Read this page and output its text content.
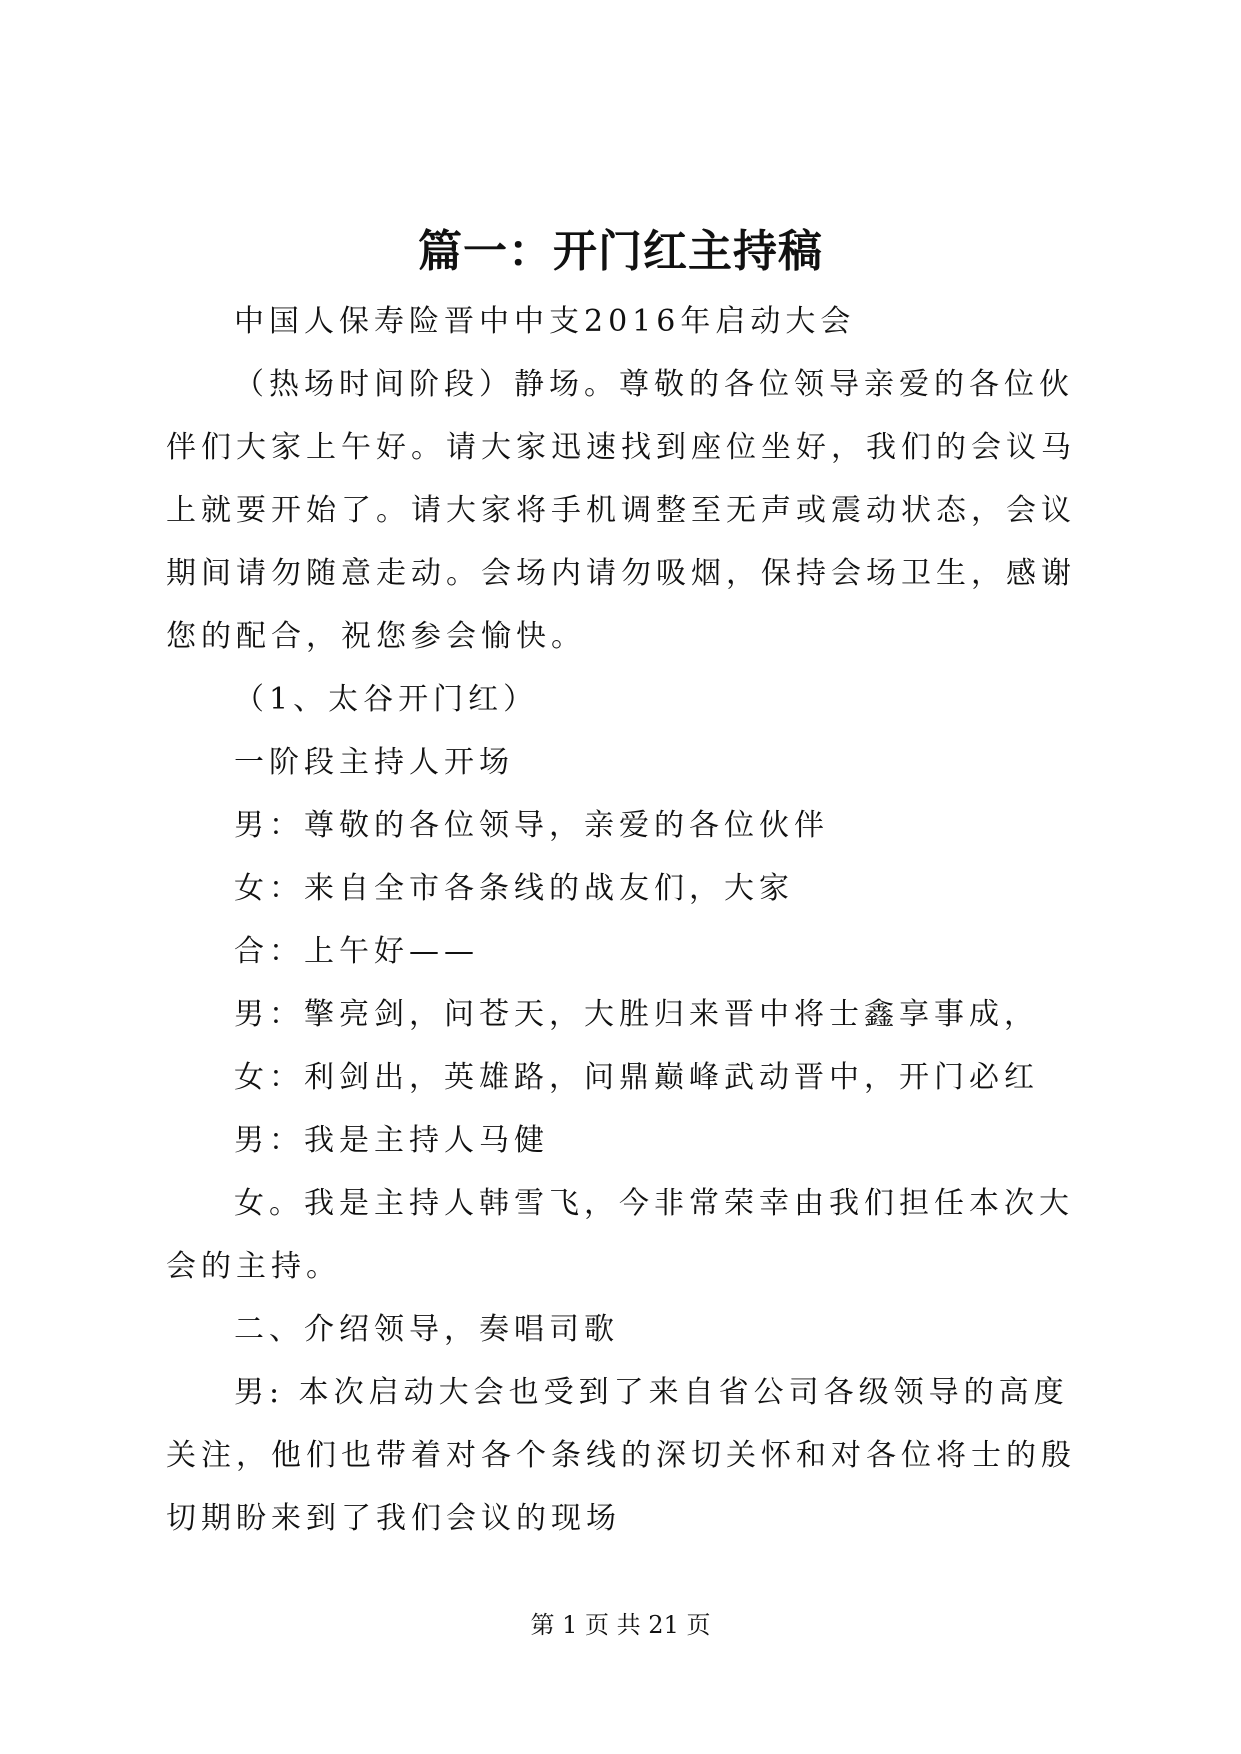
篇一：开门红主持稿

中国人保寿险晋中中支2016年启动大会

（热场时间阶段）静场。尊敬的各位领导亲爱的各位伙伴们大家上午好。请大家迅速找到座位坐好，我们的会议马上就要开始了。请大家将手机调整至无声或震动状态，会议期间请勿随意走动。会场内请勿吸烟，保持会场卫生，感谢您的配合，祝您参会愉快。

（1、太谷开门红）

一阶段主持人开场

男：尊敬的各位领导，亲爱的各位伙伴

女：来自全市各条线的战友们，大家

合：上午好——

男：擎亮剑，问苍天，大胜归来晋中将士鑫享事成，

女：利剑出，英雄路，问鼎巅峰武动晋中，开门必红

男：我是主持人马健

女。我是主持人韩雪飞，今非常荣幸由我们担任本次大会的主持。

二、介绍领导，奏唱司歌

男: 本次启动大会也受到了来自省公司各级领导的高度关注，他们也带着对各个条线的深切关怀和对各位将士的殷切期盼来到了我们会议的现场

第 1 页 共 21 页
